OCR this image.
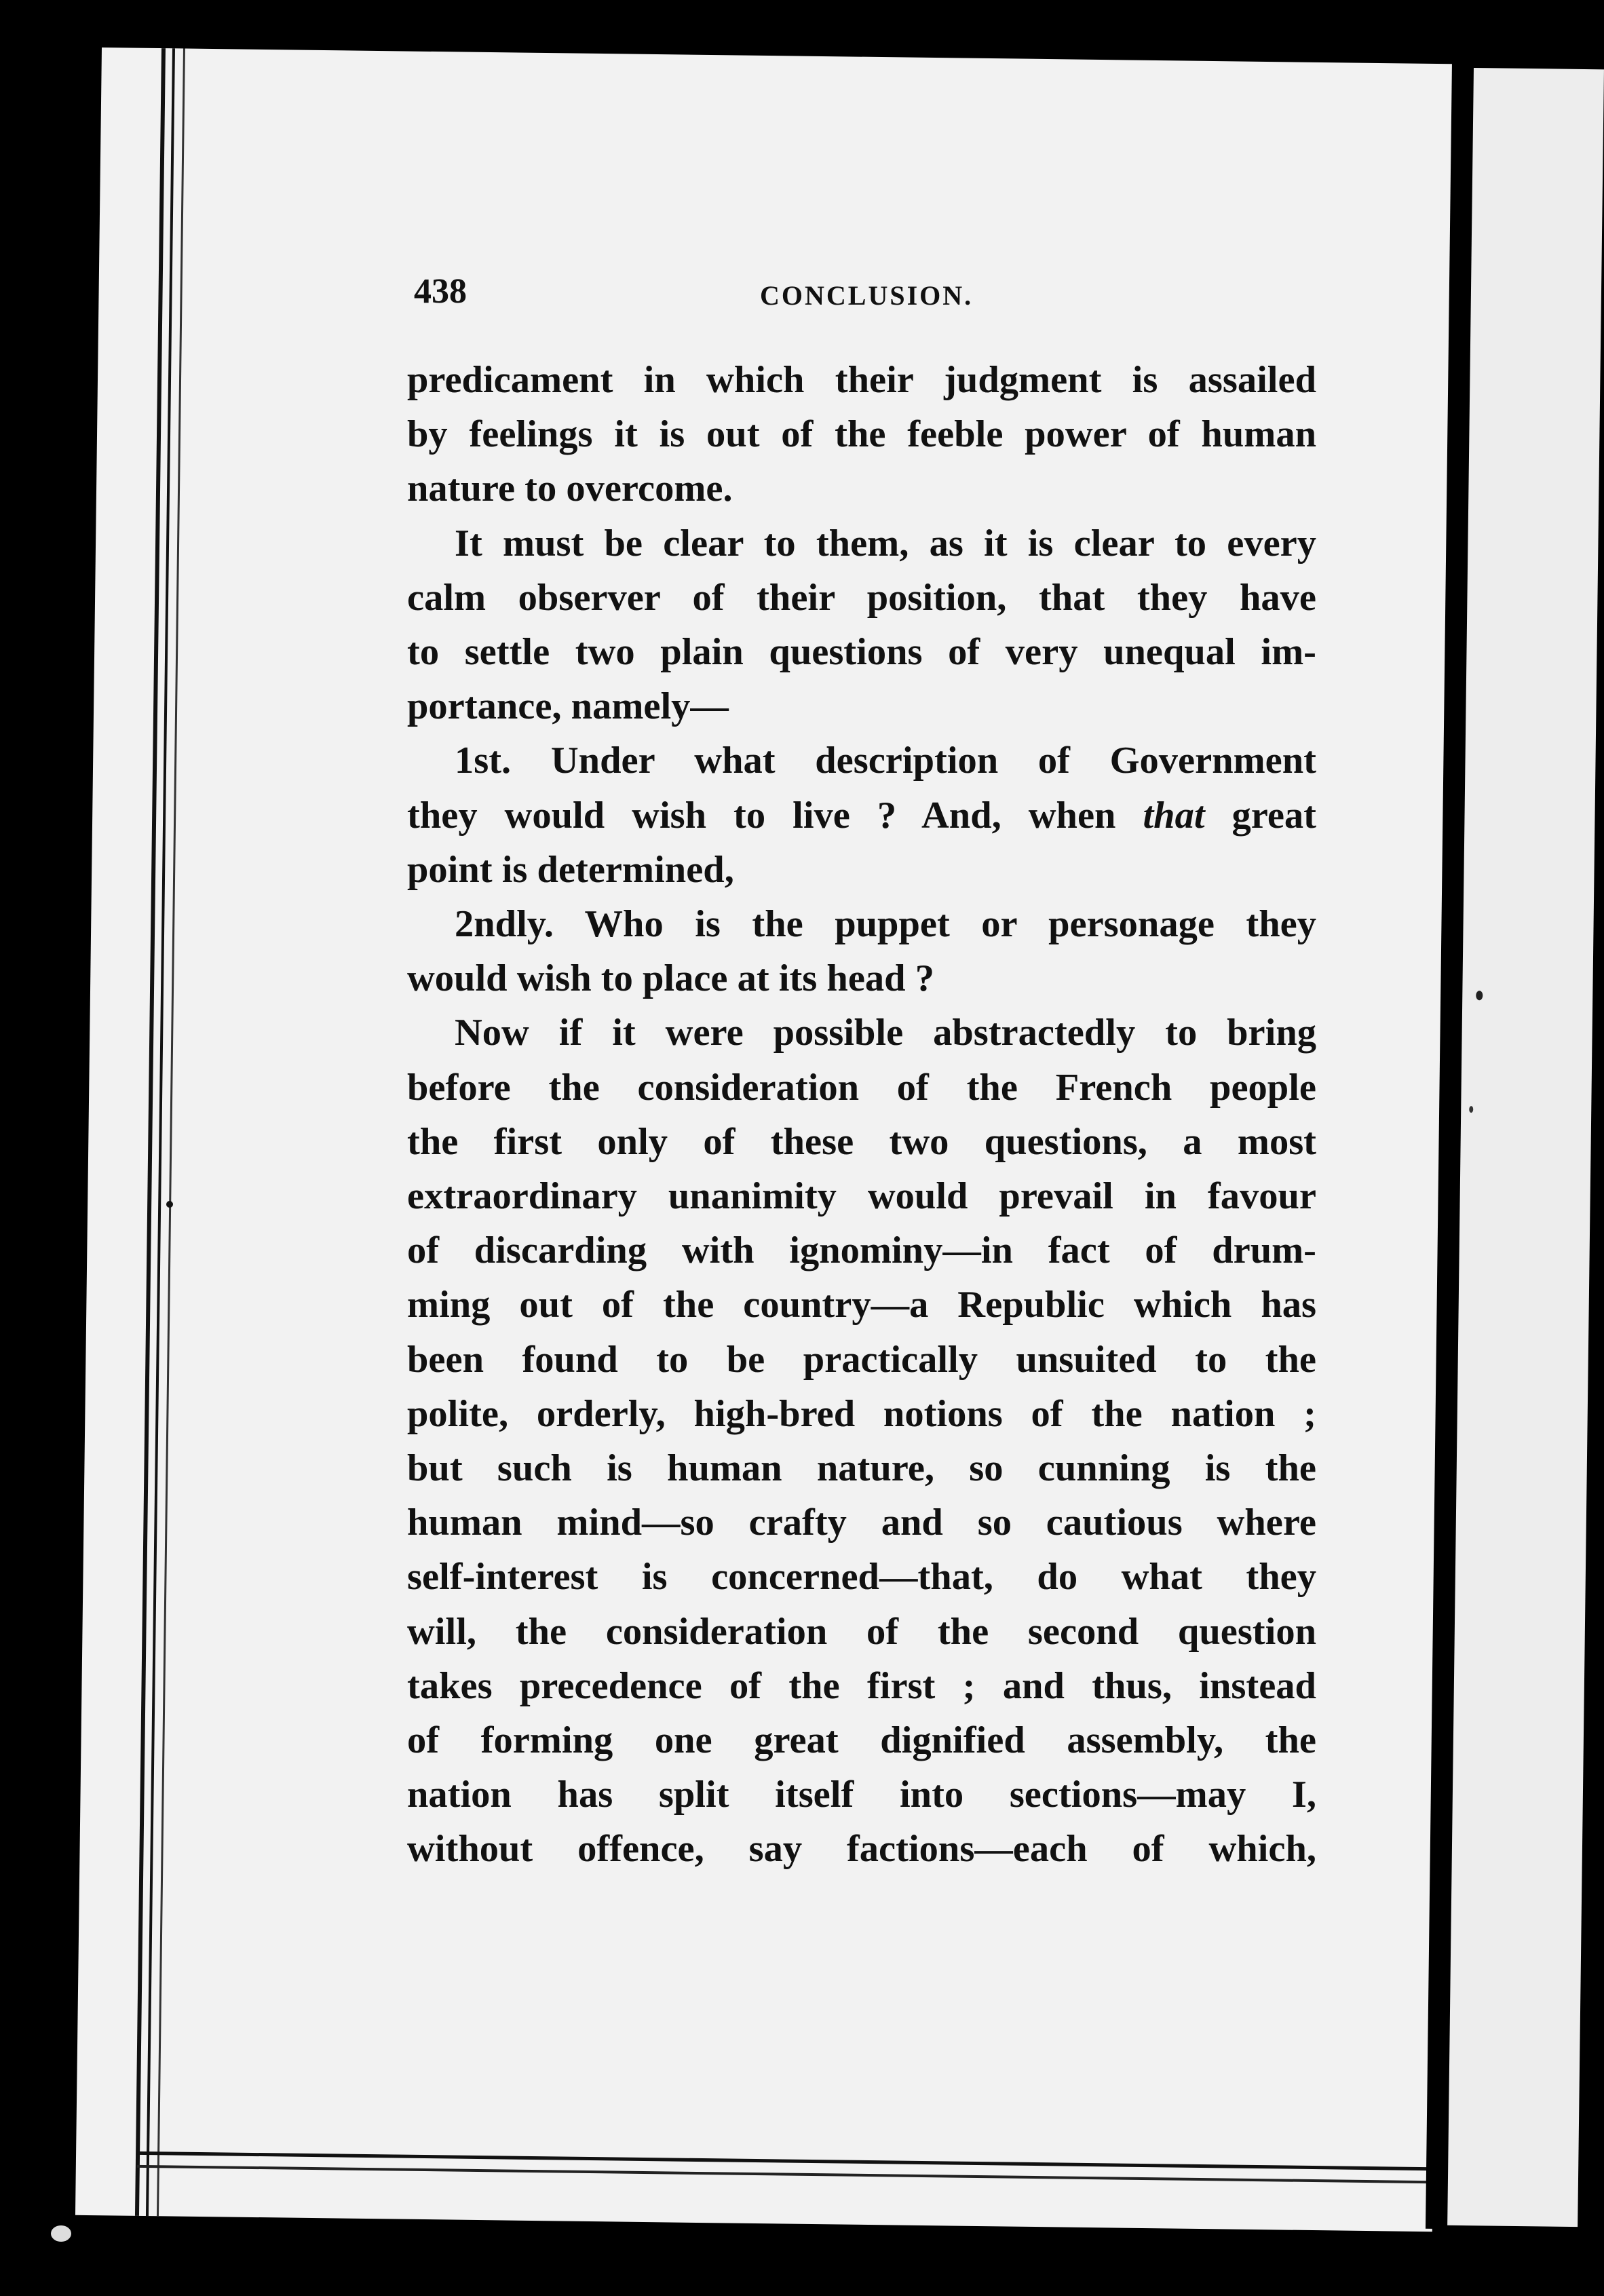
438	CONCLUSION.

predicament in which their judgment is assailed
by feelings it is out of the feeble power of human
nature to overcome.

It must be clear to them, as it is clear to every
calm observer of their position, that they have
to settle two plain questions of very unequal im-
portance, namely—

1st. Under what description of Government
they would wish to live ? And, when that great
point is determined,

2ndly. Who is the puppet or personage they
would wish to place at its head ?

Now if it were possible abstractedly to bring
before the consideration of the French people
the first only of these two questions, a most
extraordinary unanimity would prevail in favour
of discarding with ignominy—in fact of drum-
ming out of the country—a Republic which has
been found to be practically unsuited to the
polite, orderly, high-bred notions of the nation ;
but such is human nature, so cunning is the
human mind—so crafty and so cautious where
self-interest is concerned—that, do what they
will, the consideration of the second question
takes precedence of the first ; and thus, instead
of forming one great dignified assembly, the
nation has split itself into sections—may I,
without offence, say factions—each of which,
